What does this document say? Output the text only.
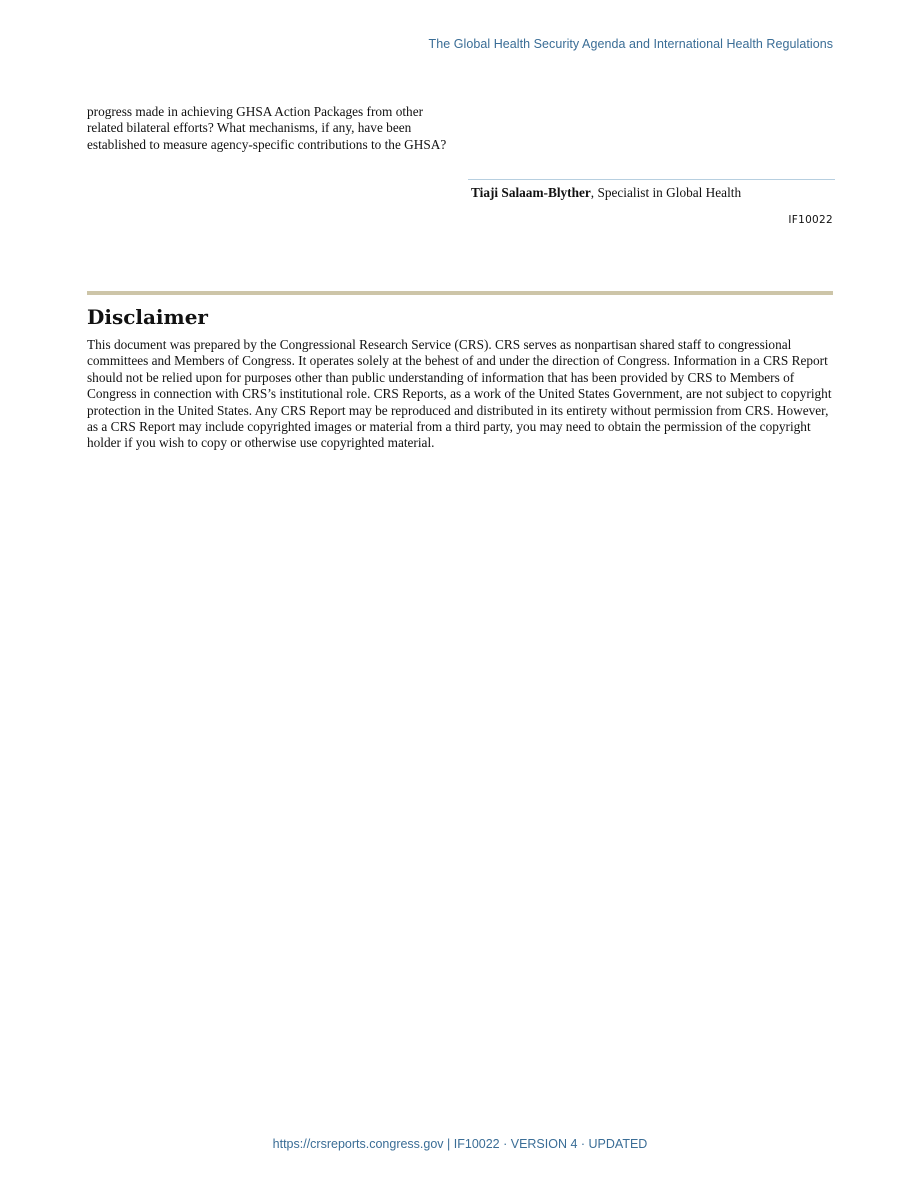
The Global Health Security Agenda and International Health Regulations

progress made in achieving GHSA Action Packages from other related bilateral efforts? What mechanisms, if any, have been established to measure agency-specific contributions to the GHSA?

Tiaji Salaam-Blyther, Specialist in Global Health
IF10022
Disclaimer

This document was prepared by the Congressional Research Service (CRS). CRS serves as nonpartisan shared staff to congressional committees and Members of Congress. It operates solely at the behest of and under the direction of Congress. Information in a CRS Report should not be relied upon for purposes other than public understanding of information that has been provided by CRS to Members of Congress in connection with CRS’s institutional role. CRS Reports, as a work of the United States Government, are not subject to copyright protection in the United States. Any CRS Report may be reproduced and distributed in its entirety without permission from CRS. However, as a CRS Report may include copyrighted images or material from a third party, you may need to obtain the permission of the copyright holder if you wish to copy or otherwise use copyrighted material.

https://crsreports.congress.gov | IF10022 · VERSION 4 · UPDATED
